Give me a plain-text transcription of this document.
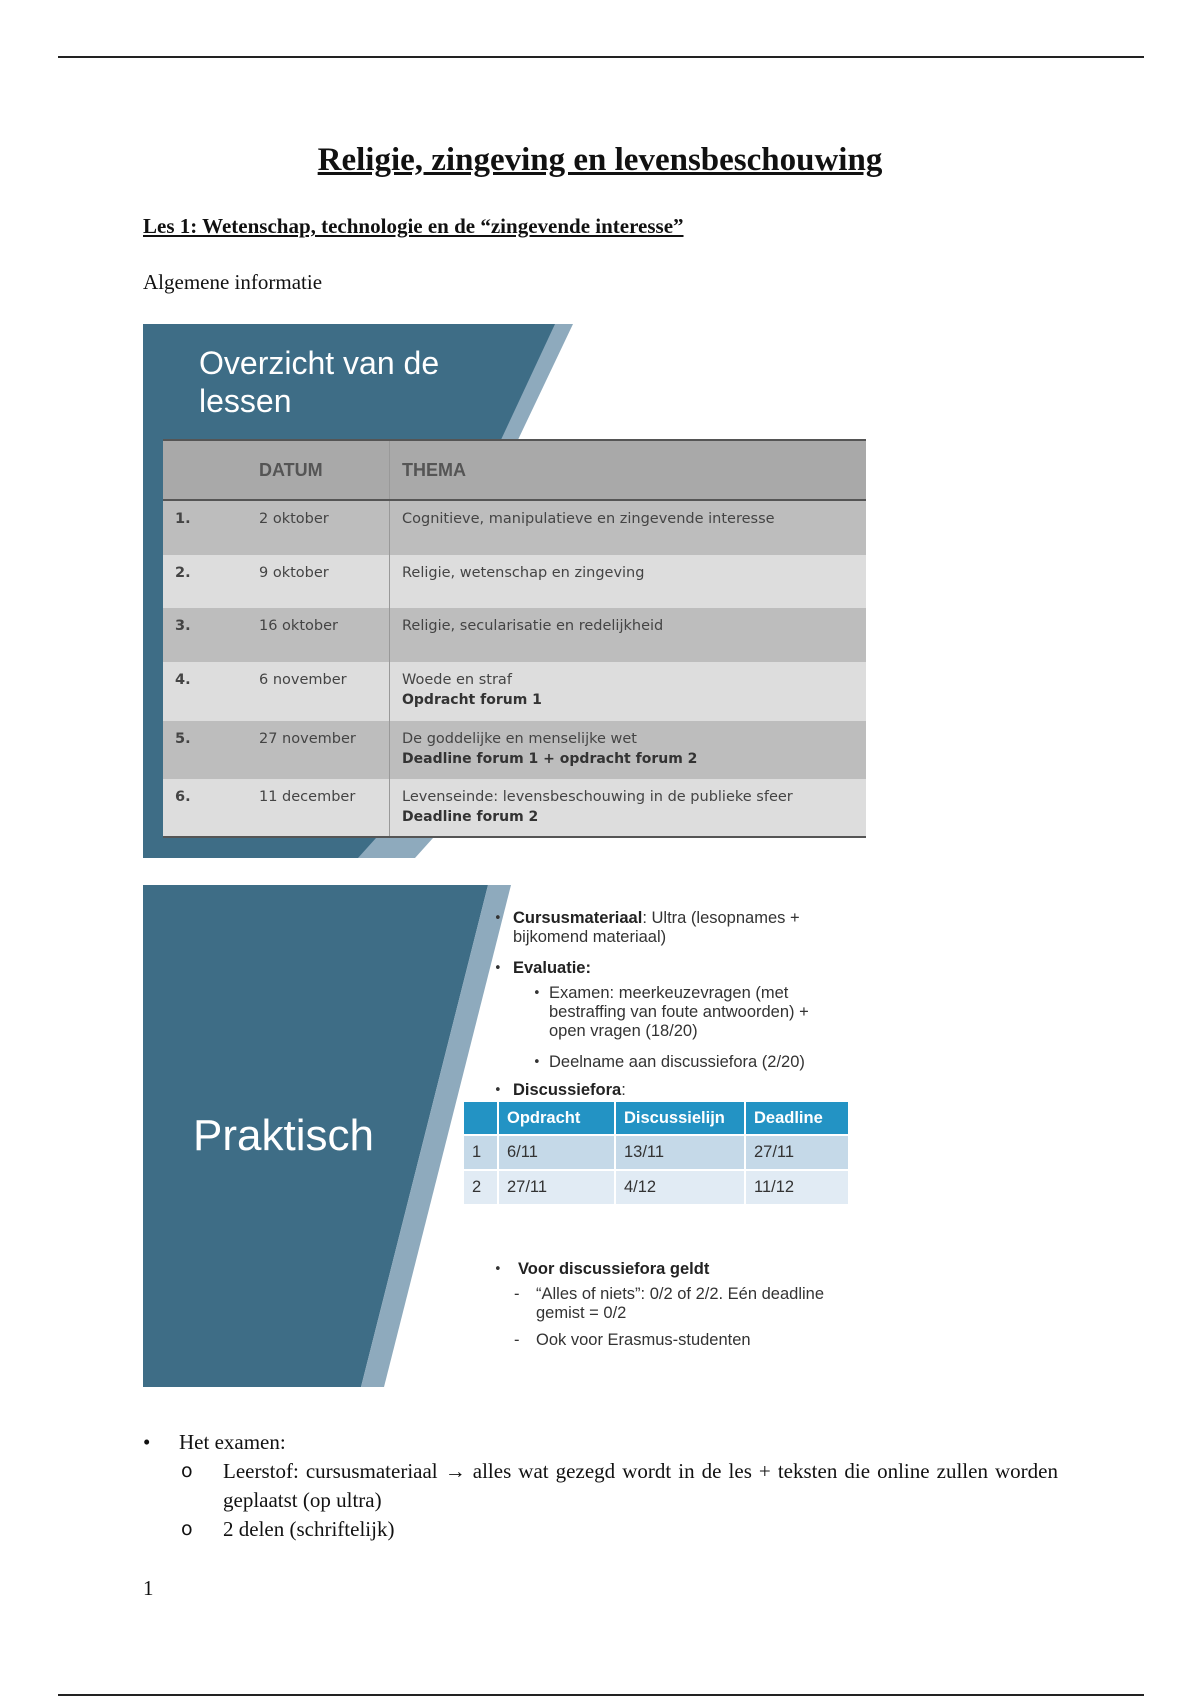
Religie, zingeving en levensbeschouwing
Les 1: Wetenschap, technologie en de “zingevende interesse”

Algemene informatie

Overzicht van de lessen

	DATUM	THEMA
1.	2 oktober	Cognitieve, manipulatieve en zingevende interesse
2.	9 oktober	Religie, wetenschap en zingeving
3.	16 oktober	Religie, secularisatie en redelijkheid
4.	6 november	Woede en straf
Opdracht forum 1

5.	27 november	De goddelijke en menselijke wet
Deadline forum 1 + opdracht forum 2

6.	11 december	Levenseinde: levensbeschouwing in de publieke sfeer
Deadline forum 2

Praktisch

• Cursusmateriaal: Ultra (lesopnames + bijkomend materiaal)
• Evaluatie:
• Examen: meerkeuzevragen (met bestraffing van foute antwoorden) + open vragen (18/20)
• Deelname aan discussiefora (2/20)
• Discussiefora:
	Opdracht	Discussielijn	Deadline
1	6/11	13/11	27/11
2	27/11	4/12	11/12
• Voor discussiefora geldt
- “Alles of niets”: 0/2 of 2/2. Eén deadline gemist = 0/2
- Ook voor Erasmus-studenten
• Het examen:
o Leerstof: cursusmateriaal → alles wat gezegd wordt in de les + teksten die online zullen worden geplaatst (op ultra)
o 2 delen (schriftelijk)

1
